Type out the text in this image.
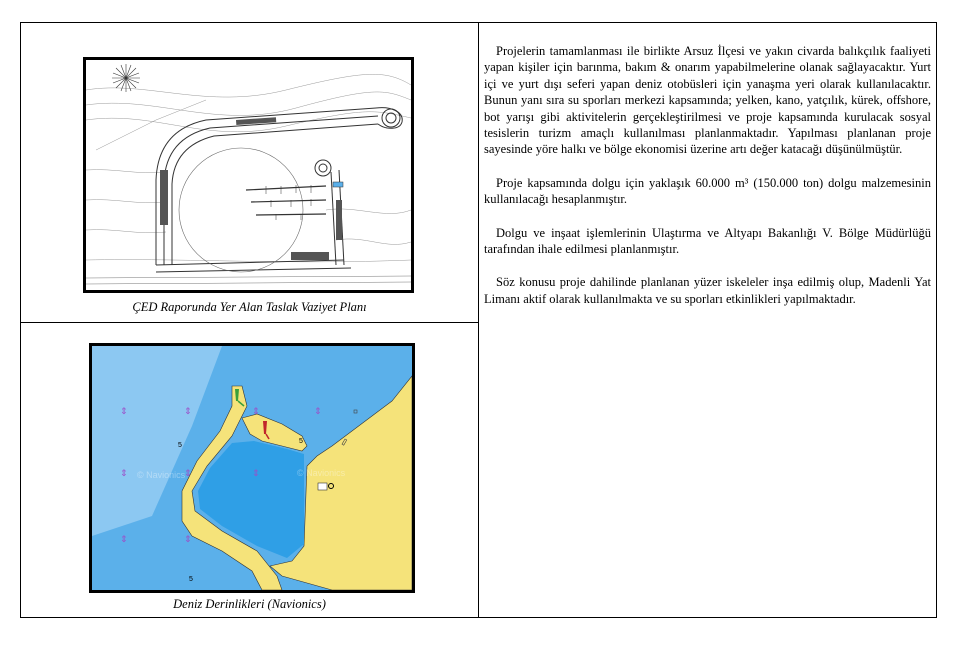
ÇED Raporunda Yer Alan Taslak Vaziyet Planı
5
5
5
⇕	⇕	⇕	⇕
⇕	⇕	⇕
⇕	⇕
© Navionics	© Navionics
Deniz Derinlikleri (Navionics)

Projelerin tamamlanması ile birlikte Arsuz İlçesi ve yakın civarda balıkçılık faaliyeti yapan kişiler için barınma, bakım & onarım yapabilmelerine olanak sağlayacaktır. Yurt içi ve yurt dışı seferi yapan deniz otobüsleri için yanaşma yeri olarak kullanılacaktır. Bunun yanı sıra su sporları merkezi kapsamında; yelken, kano, yatçılık, kürek, offshore, bot yarışı gibi aktivitelerin gerçekleştirilmesi ve proje kapsamında kurulacak sosyal tesislerin turizm amaçlı kullanılması planlanmaktadır. Yapılması planlanan proje sayesinde yöre halkı ve bölge ekonomisi üzerine artı değer katacağı düşünülmüştür.

Proje kapsamında dolgu için yaklaşık 60.000 m³ (150.000 ton) dolgu malzemesinin kullanılacağı hesaplanmıştır.

Dolgu ve inşaat işlemlerinin Ulaştırma ve Altyapı Bakanlığı V. Bölge Müdürlüğü tarafından ihale edilmesi planlanmıştır.

Söz konusu proje dahilinde planlanan yüzer iskeleler inşa edilmiş olup, Madenli Yat Limanı aktif olarak kullanılmakta ve su sporları etkinlikleri yapılmaktadır.
